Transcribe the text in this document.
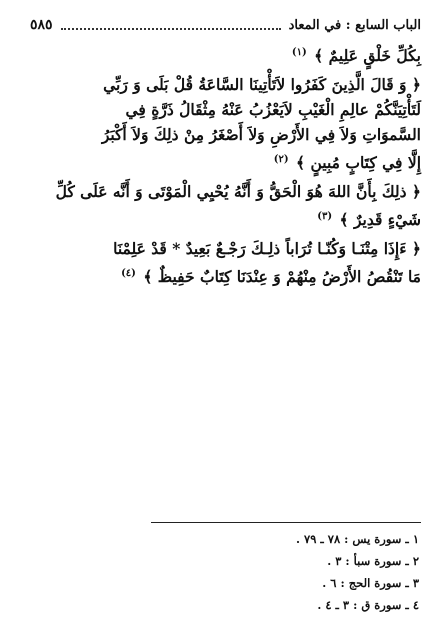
الباب السابع : في المعاد
٥٨٥
بِكُلِّ خَلْقٍ عَلِيمٌ ﴾ $^{(١)}$
﴿ وَ قَالَ الَّذِينَ كَفَرُوا لاَتَأْتِينَا السَّاعَةُ قُلْ بَلَى وَ رَبِّي
لَتَأْتِيَنَّكُمْ عالِمِ الْغَيْبِ لاَيَعْزُبُ عَنْهُ مِثْقَالُ ذَرَّةٍ فِي
السَّموَاتِ وَلاَ فِي الأَرْضِ وَلاَ أَصْغَرُ مِنْ ذلِكَ وَلاَ أَكْبَرُ
إِلَّا فِي كِتَابٍ مُبِينٍ ﴾ $^{(٢)}$
﴿ ذلِكَ بِأَنَّ اللهَ هُوَ الْحَقُّ وَ أَنَّهُ يُحْيِي الْمَوْتَى وَ أَنَّه عَلَى كُلِّ
شَيْءٍ قَدِيرٌ ﴾ $^{(٣)}$
﴿ ءَإِذَا مِتْنَـا وَكُنّـا تُرَاباً ذلِـكَ رَجْـعٌ بَعِيدٌ * قَدْ عَلِمْنَا
مَا تَنْقُصُ الأَرْضُ مِنْهُمْ وَ عِنْدَنَا كِتَابٌ حَفِيظٌ ﴾ $^{(٤)}$
١ ـ سورة يس : ٧٨ ـ ٧٩ .
٢ ـ سورة سبأ : ٣ .
٣ ـ سورة الحج : ٦ .
٤ ـ سورة ق : ٣ ـ ٤ .
